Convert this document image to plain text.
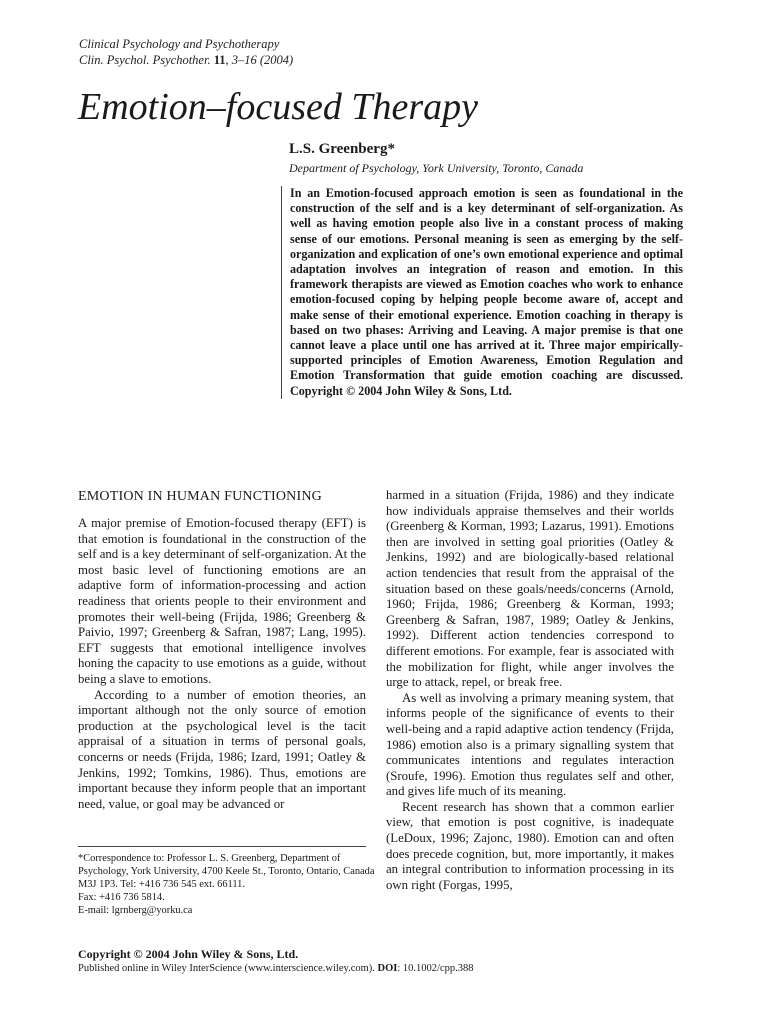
Clinical Psychology and Psychotherapy
Clin. Psychol. Psychother. 11, 3–16 (2004)
Emotion–focused Therapy
L.S. Greenberg*
Department of Psychology, York University, Toronto, Canada
In an Emotion-focused approach emotion is seen as foundational in the construction of the self and is a key determinant of self-organization. As well as having emotion people also live in a constant process of making sense of our emotions. Personal meaning is seen as emerging by the self-organization and explication of one’s own emotional experience and optimal adaptation involves an integration of reason and emotion. In this framework therapists are viewed as Emotion coaches who work to enhance emotion-focused coping by helping people become aware of, accept and make sense of their emotional experience. Emotion coaching in therapy is based on two phases: Arriving and Leaving. A major premise is that one cannot leave a place until one has arrived at it. Three major empirically-supported principles of Emotion Awareness, Emotion Regulation and Emotion Transformation that guide emotion coaching are discussed. Copyright © 2004 John Wiley & Sons, Ltd.
EMOTION IN HUMAN FUNCTIONING

A major premise of Emotion-focused therapy (EFT) is that emotion is foundational in the construction of the self and is a key determinant of self-organization. At the most basic level of functioning emotions are an adaptive form of information-processing and action readiness that orients people to their environment and promotes their well-being (Frijda, 1986; Greenberg & Paivio, 1997; Greenberg & Safran, 1987; Lang, 1995). EFT suggests that emotional intelligence involves honing the capacity to use emotions as a guide, without being a slave to emotions.

According to a number of emotion theories, an important although not the only source of emotion production at the psychological level is the tacit appraisal of a situation in terms of personal goals, concerns or needs (Frijda, 1986; Izard, 1991; Oatley & Jenkins, 1992; Tomkins, 1986). Thus, emotions are important because they inform people that an important need, value, or goal may be advanced or

harmed in a situation (Frijda, 1986) and they indicate how individuals appraise themselves and their worlds (Greenberg & Korman, 1993; Lazarus, 1991). Emotions then are involved in setting goal priorities (Oatley & Jenkins, 1992) and are biologically-based relational action tendencies that result from the appraisal of the situation based on these goals/needs/concerns (Arnold, 1960; Frijda, 1986; Greenberg & Korman, 1993; Greenberg & Safran, 1987, 1989; Oatley & Jenkins, 1992). Different action tendencies correspond to different emotions. For example, fear is associated with the mobilization for flight, while anger involves the urge to attack, repel, or break free.

As well as involving a primary meaning system, that informs people of the significance of events to their well-being and a rapid adaptive action tendency (Frijda, 1986) emotion also is a primary signalling system that communicates intentions and regulates interaction (Sroufe, 1996). Emotion thus regulates self and other, and gives life much of its meaning.

Recent research has shown that a common earlier view, that emotion is post cognitive, is inadequate (LeDoux, 1996; Zajonc, 1980). Emotion can and often does precede cognition, but, more importantly, it makes an integral contribution to information processing in its own right (Forgas, 1995,

*Correspondence to: Professor L. S. Greenberg, Department of Psychology, York University, 4700 Keele St., Toronto, Ontario, Canada M3J 1P3. Tel: +416 736 545 ext. 66111.
Fax: +416 736 5814.
E-mail: lgrnberg@yorku.ca
Copyright © 2004 John Wiley & Sons, Ltd.
Published online in Wiley InterScience (www.interscience.wiley.com). DOI: 10.1002/cpp.388
